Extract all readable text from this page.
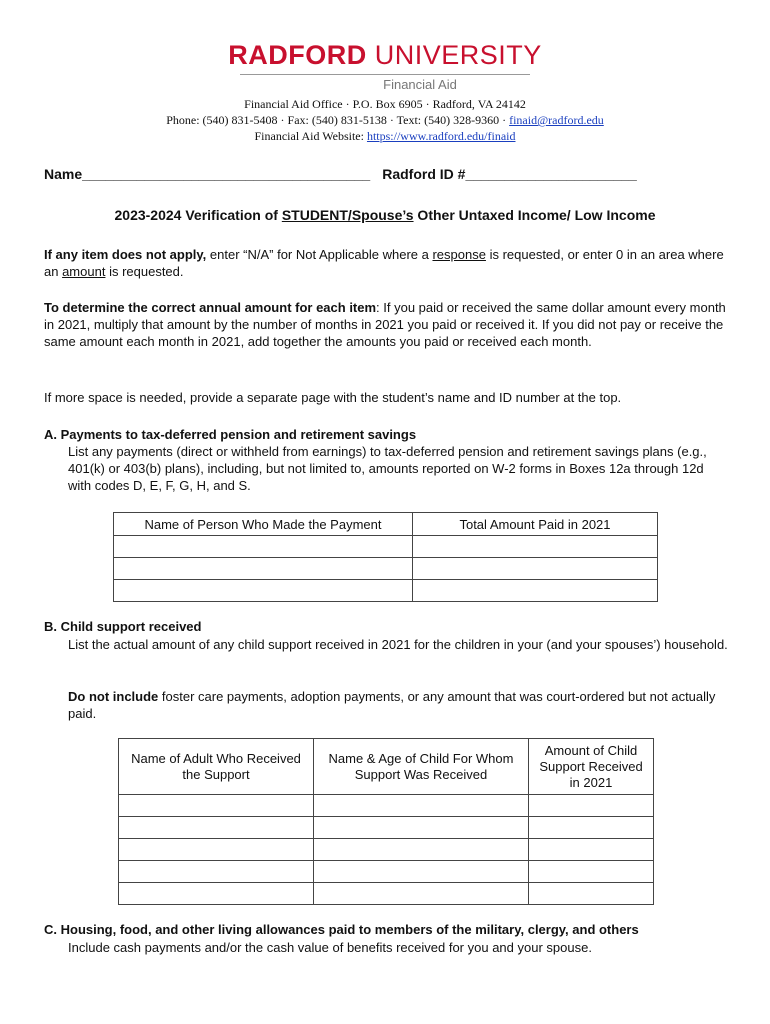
RADFORD UNIVERSITY
Financial Aid
Financial Aid Office · P.O. Box 6905 · Radford, VA 24142
Phone: (540) 831-5408 · Fax: (540) 831-5138 · Text: (540) 328-9360 · finaid@radford.edu
Financial Aid Website: https://www.radford.edu/finaid
Name_____________________________________ Radford ID #______________________
2023-2024 Verification of STUDENT/Spouse’s Other Untaxed Income/ Low Income
If any item does not apply, enter “N/A” for Not Applicable where a response is requested, or enter 0 in an area where an amount is requested.
To determine the correct annual amount for each item: If you paid or received the same dollar amount every month in 2021, multiply that amount by the number of months in 2021 you paid or received it. If you did not pay or receive the same amount each month in 2021, add together the amounts you paid or received each month.
If more space is needed, provide a separate page with the student’s name and ID number at the top.
A. Payments to tax-deferred pension and retirement savings
List any payments (direct or withheld from earnings) to tax-deferred pension and retirement savings plans (e.g., 401(k) or 403(b) plans), including, but not limited to, amounts reported on W-2 forms in Boxes 12a through 12d with codes D, E, F, G, H, and S.
Name of Person Who Made the Payment	Total Amount Paid in 2021

B. Child support received
List the actual amount of any child support received in 2021 for the children in your (and your spouses’) household.
Do not include foster care payments, adoption payments, or any amount that was court-ordered but not actually paid.
Name of Adult Who Received the Support	Name & Age of Child For Whom Support Was Received	Amount of Child Support Received in 2021

C. Housing, food, and other living allowances paid to members of the military, clergy, and others
Include cash payments and/or the cash value of benefits received for you and your spouse.
